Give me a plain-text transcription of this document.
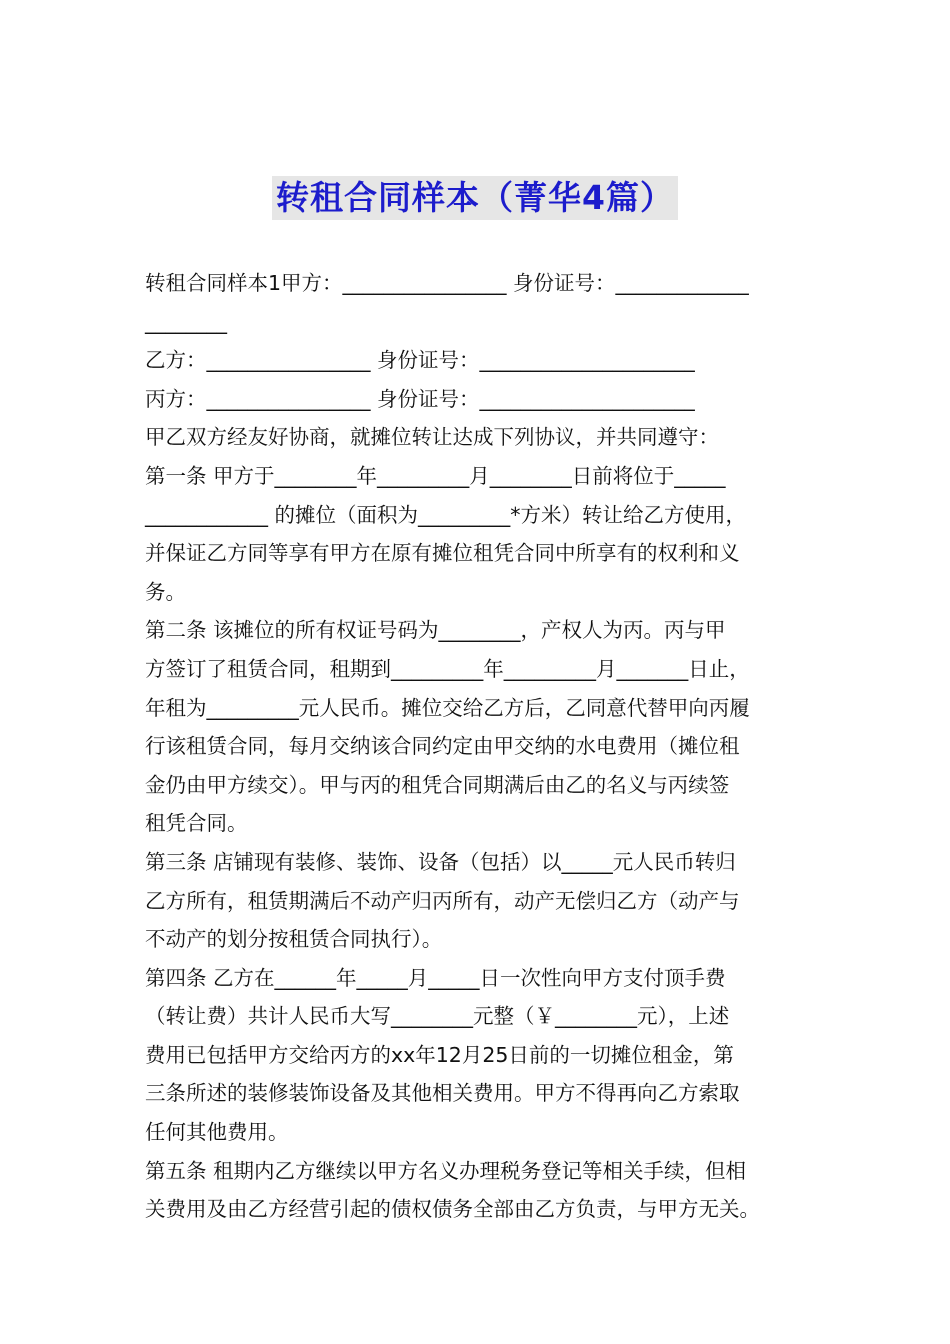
转租合同样本（菁华4篇）
转租合同样本1甲方：________________ 身份证号：_____________
________
乙方：________________ 身份证号：_____________________
丙方：________________ 身份证号：_____________________
甲乙双方经友好协商，就摊位转让达成下列协议，并共同遵守：
第一条 甲方于________年_________月________日前将位于_____
____________ 的摊位（面积为_________*方米）转让给乙方使用，
并保证乙方同等享有甲方在原有摊位租凭合同中所享有的权利和义
务。
第二条 该摊位的所有权证号码为________，产权人为丙。丙与甲
方签订了租赁合同，租期到_________年_________月_______日止，
年租为_________元人民币。摊位交给乙方后，乙同意代替甲向丙履
行该租赁合同，每月交纳该合同约定由甲交纳的水电费用（摊位租
金仍由甲方续交）。甲与丙的租凭合同期满后由乙的名义与丙续签
租凭合同。
第三条 店铺现有装修、装饰、设备（包括）以_____元人民币转归
乙方所有，租赁期满后不动产归丙所有，动产无偿归乙方（动产与
不动产的划分按租赁合同执行）。
第四条 乙方在______年_____月_____日一次性向甲方支付顶手费
（转让费）共计人民币大写________元整（￥________元），上述
费用已包括甲方交给丙方的xx年12月25日前的一切摊位租金，第
三条所述的装修装饰设备及其他相关费用。甲方不得再向乙方索取
任何其他费用。
第五条 租期内乙方继续以甲方名义办理税务登记等相关手续，但相
关费用及由乙方经营引起的债权债务全部由乙方负责，与甲方无关。
